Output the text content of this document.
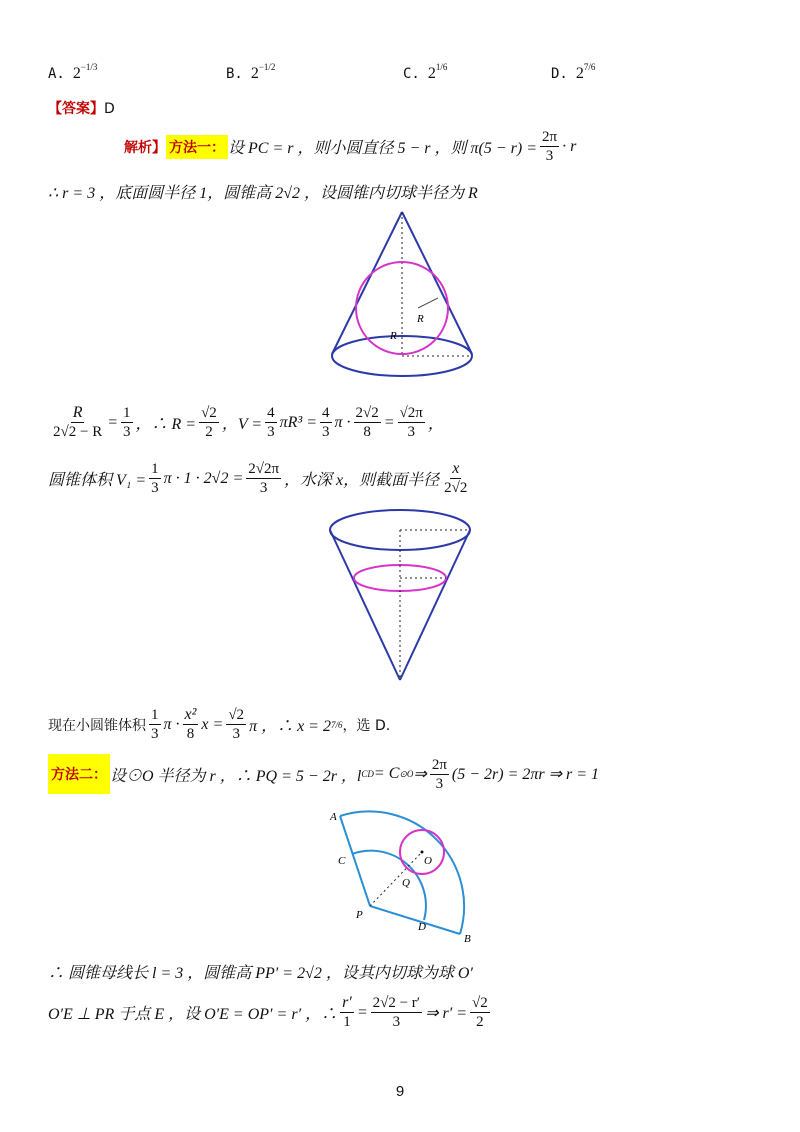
A. $2^{-1/3}$	B. $2^{-1/2}$	C. $2^{1/6}$	D. $2^{7/6}$
【答案】D
解析】 方法一： 设 PC = r ，则小圆直径 5 − r ，则 $\pi(5 - r) = \frac{2\pi}{3} \cdot r$
∴ r = 3 ，底面圆半径 1，圆锥高 2√2 ，设圆锥内切球半径为 R
R
R
$\frac{R}{2√2 - R} = \frac{1}{3}$ ，∴ $R = \frac{√2}{2}$ ，$V = \frac{4}{3} \pi R^3 = \frac{4}{3}$ $\pi \cdot \frac{2√2}{8} = \frac{√2\pi}{3}$ ，
圆锥体积 $V_1 = \frac{1}{3}$ $\pi \cdot 1 \cdot 2√2 = \frac{2√2\pi}{3}$ ，水深 x，则截面半径 $\frac{x}{2√2}$
现在小圆锥体积 $\frac{1}{3}$ $\pi \cdot \frac{\text{x²}}{8}$ $x = \frac{√2}{3}$ π ，∴ x = 2 7/6 ，选 D.
方法二： 设⊙O 半径为 r ，∴ PQ = 5 − 2r ，l CD = C ⊙O ⇒ $\frac{2\pi}{3} (5 - 2r) = 2\pi r$ ⇒ r = 1
A
B
C
D
P
Q
O
∴ 圆锥母线长 l = 3 ，圆锥高 PP′ = 2√2 ，设其内切球为球 O′
O′E ⊥ PR 于点 E ，设 O′E = OP′ = r′ ，∴ $\frac{r'}{1} = \frac{2√2 - r'}{3}$ ⇒ $r' = \frac{√2}{2}$
9
